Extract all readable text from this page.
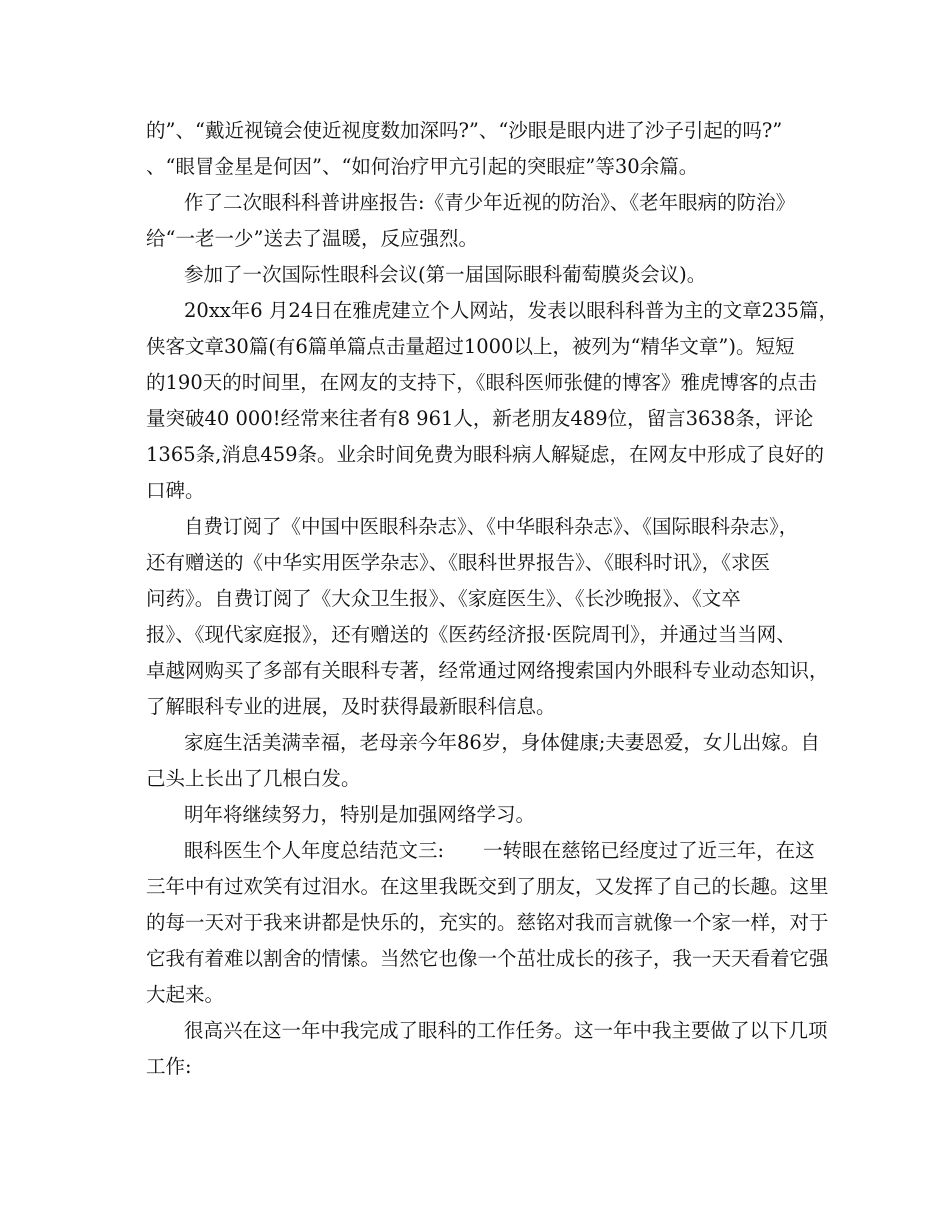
的”、“戴近视镜会使近视度数加深吗?”、“沙眼是眼内进了沙子引起的吗?”
、“眼冒金星是何因”、“如何治疗甲亢引起的突眼症”等30余篇。
作了二次眼科科普讲座报告:《青少年近视的防治》、《老年眼病的防治》
给“一老一少”送去了温暖，反应强烈。
参加了一次国际性眼科会议(第一届国际眼科葡萄膜炎会议)。
20xx年6 月24日在雅虎建立个人网站，发表以眼科科普为主的文章235篇，
侠客文章30篇(有6篇单篇点击量超过1000以上，被列为“精华文章”)。短短
的190天的时间里，在网友的支持下，《眼科医师张健的博客》雅虎博客的点击
量突破40 000!经常来往者有8 961人，新老朋友489位，留言3638条，评论
1365条,消息459条。业余时间免费为眼科病人解疑虑，在网友中形成了良好的
口碑。
自费订阅了《中国中医眼科杂志》、《中华眼科杂志》、《国际眼科杂志》，
还有赠送的《中华实用医学杂志》、《眼科世界报告》、《眼科时讯》，《求医
问药》。自费订阅了《大众卫生报》、《家庭医生》、《长沙晚报》、《文卒
报》、《现代家庭报》，还有赠送的《医药经济报·医院周刊》，并通过当当网、
卓越网购买了多部有关眼科专著，经常通过网络搜索国内外眼科专业动态知识，
了解眼科专业的进展，及时获得最新眼科信息。
家庭生活美满幸福，老母亲今年86岁，身体健康;夫妻恩爱，女儿出嫁。自
己头上长出了几根白发。
明年将继续努力，特别是加强网络学习。
眼科医生个人年度总结范文三:　　一转眼在慈铭已经度过了近三年，在这
三年中有过欢笑有过泪水。在这里我既交到了朋友，又发挥了自己的长趣。这里
的每一天对于我来讲都是快乐的，充实的。慈铭对我而言就像一个家一样，对于
它我有着难以割舍的情愫。当然它也像一个茁壮成长的孩子，我一天天看着它强
大起来。
很高兴在这一年中我完成了眼科的工作任务。这一年中我主要做了以下几项
工作:
